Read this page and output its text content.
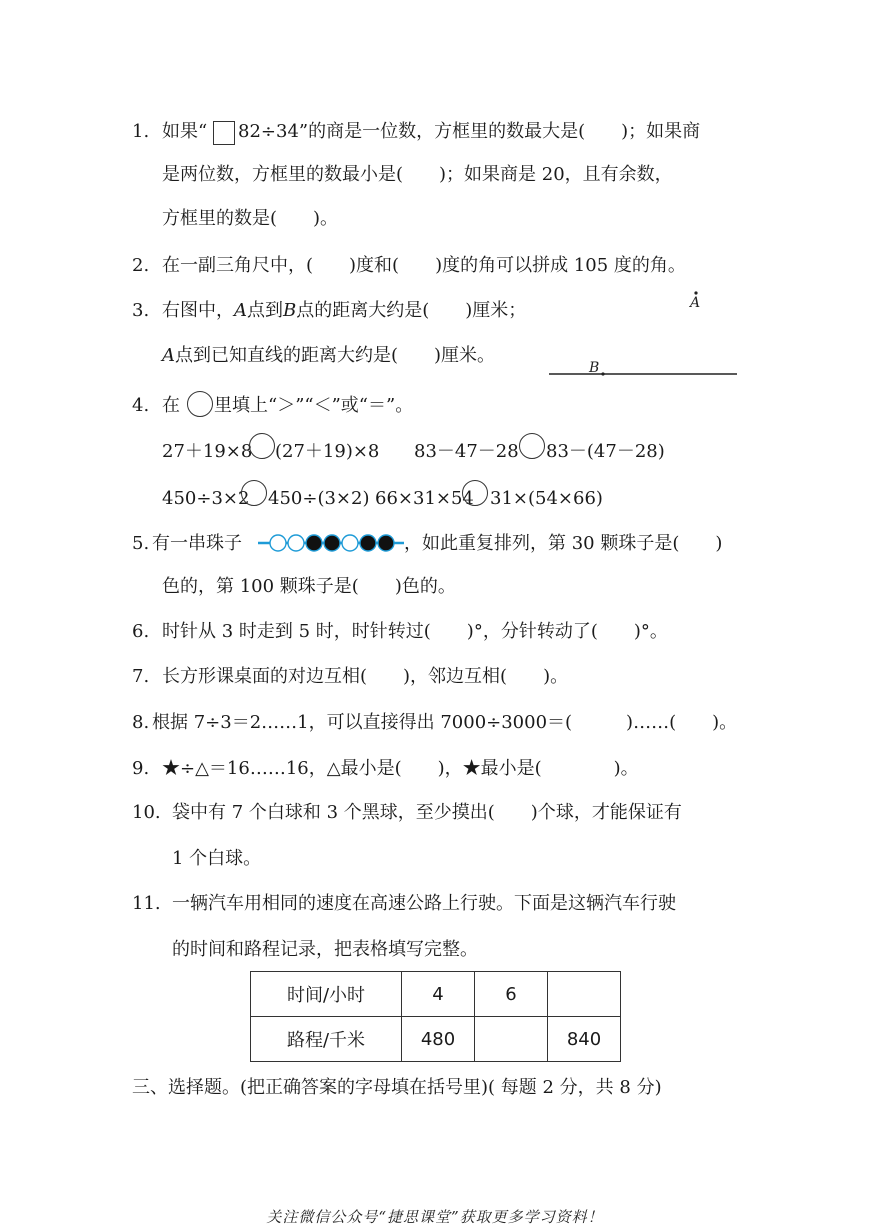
1. 如果“ 82÷34”的商是一位数，方框里的数最大是(　　)；如果商
是两位数，方框里的数最小是(　　)；如果商是 20，且有余数，
方框里的数是(　　)。
2. 在一副三角尺中，(　　)度和(　　)度的角可以拼成 105 度的角。
3. 右图中，A点到B点的距离大约是(　　)厘米；
A点到已知直线的距离大约是(　　)厘米。
A
B
4. 在 里填上“＞”“＜”或“＝”。
27＋19×8 (27＋19)×8 83－47－28 83－(47－28)
450÷3×2 450÷(3×2) 66×31×54 31×(54×66)
5. 有一串珠子	，如此重复排列，第 30 颗珠子是(　　)
色的，第 100 颗珠子是(　　)色的。
6. 时针从 3 时走到 5 时，时针转过(　　)°，分针转动了(　　)°。
7. 长方形课桌面的对边互相(　　)，邻边互相(　　)。
8. 根据 7÷3＝2……1，可以直接得出 7000÷3000＝(　　　)……(　　)。
9. ★÷△＝16……16，△最小是(　　)，★最小是(　　　　)。
10. 袋中有 7 个白球和 3 个黑球，至少摸出(　　)个球，才能保证有
1 个白球。
11. 一辆汽车用相同的速度在高速公路上行驶。下面是这辆汽车行驶
的时间和路程记录，把表格填写完整。
时间/小时	4	6	
路程/千米	480		840
三、选择题。(把正确答案的字母填在括号里)( 每题 2 分，共 8 分)
关注微信公众号“捷思课堂”获取更多学习资料！
